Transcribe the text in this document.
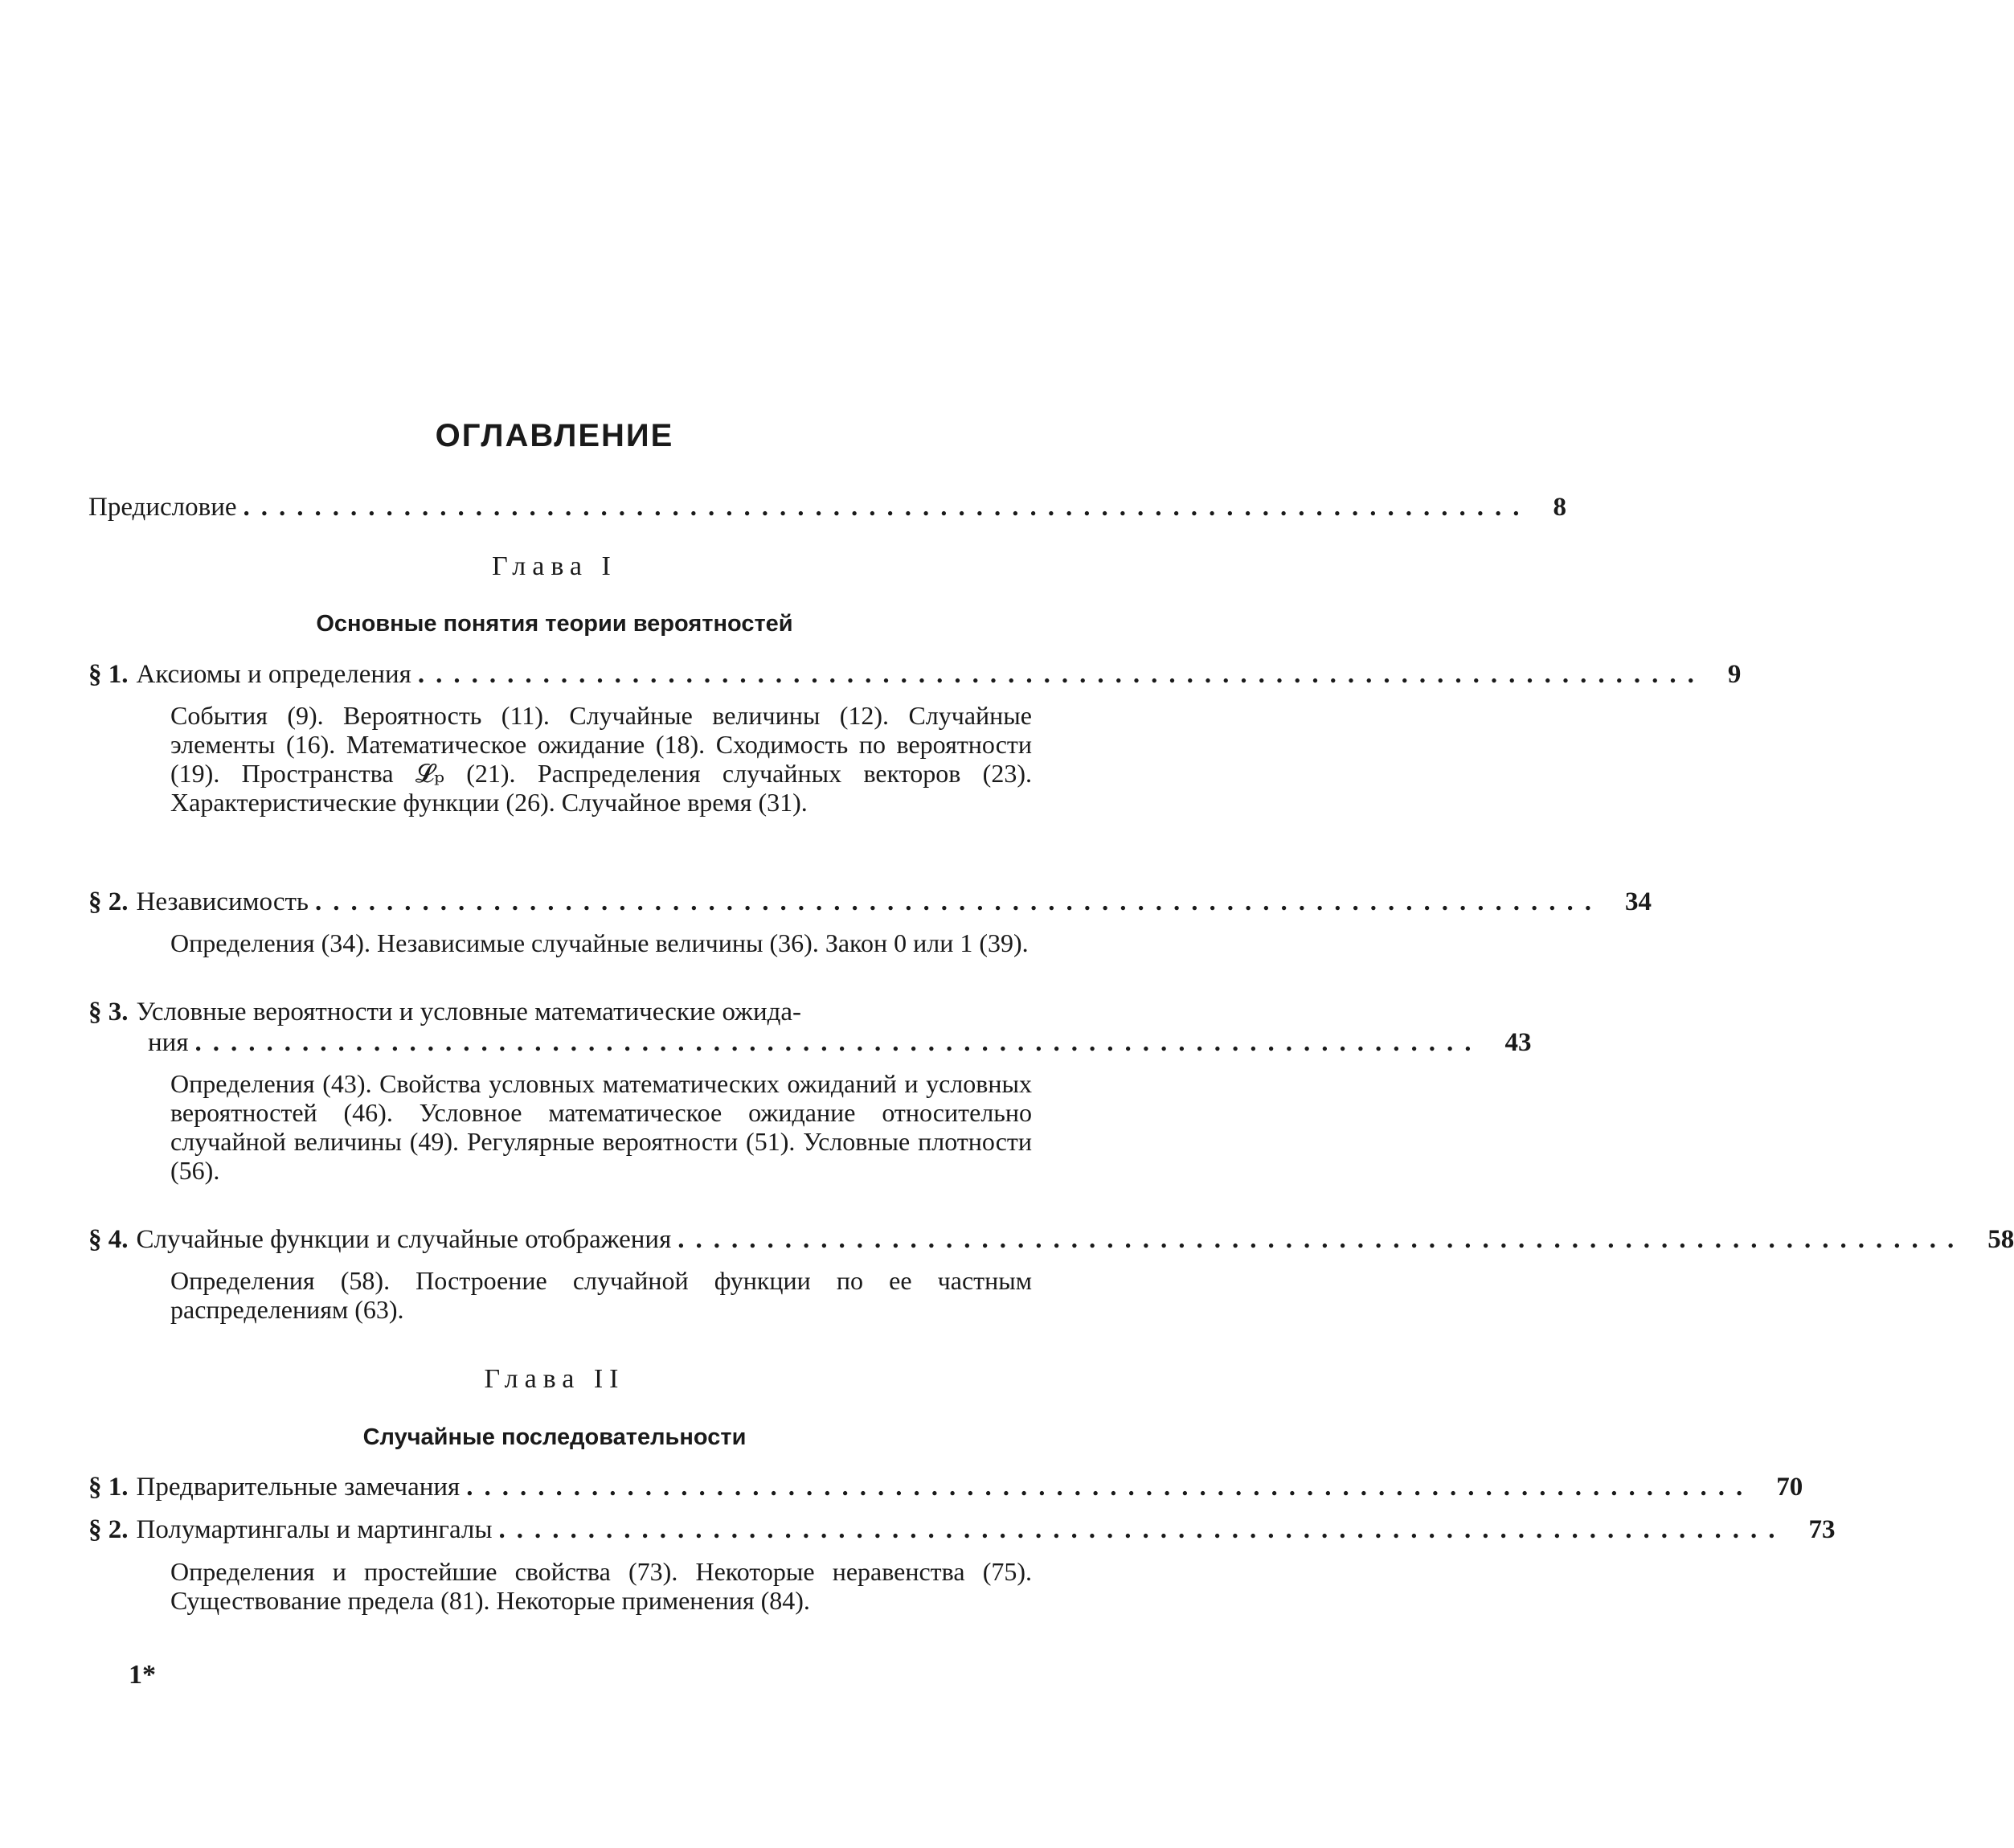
ОГЛАВЛЕНИЕ
Предисловие ........................................................................ 8
Глава I
Основные понятия теории вероятностей
§ 1. Аксиомы и определения ........................................................................ 9
События (9). Вероятность (11). Случайные величины (12). Случайные элементы (16). Математическое ожидание (18). Сходимость по вероятности (19). Пространства 𝓛ₚ (21). Распределения случайных векторов (23). Характеристические функции (26). Случайное время (31).
§ 2. Независимость ........................................................................ 34
Определения (34). Независимые случайные величины (36). Закон 0 или 1 (39).
§ 3. Условные вероятности и условные математические ожида-
ния ........................................................................ 43
Определения (43). Свойства условных математических ожиданий и условных вероятностей (46). Условное математическое ожидание относительно случайной величины (49). Регулярные вероятности (51). Условные плотности (56).
§ 4. Случайные функции и случайные отображения ........................................................................ 58
Определения (58). Построение случайной функции по ее частным распределениям (63).
Глава II
Случайные последовательности
§ 1. Предварительные замечания ........................................................................ 70
§ 2. Полумартингалы и мартингалы ........................................................................ 73
Определения и простейшие свойства (73). Некоторые неравенства (75). Существование предела (81). Некоторые применения (84).
1*
